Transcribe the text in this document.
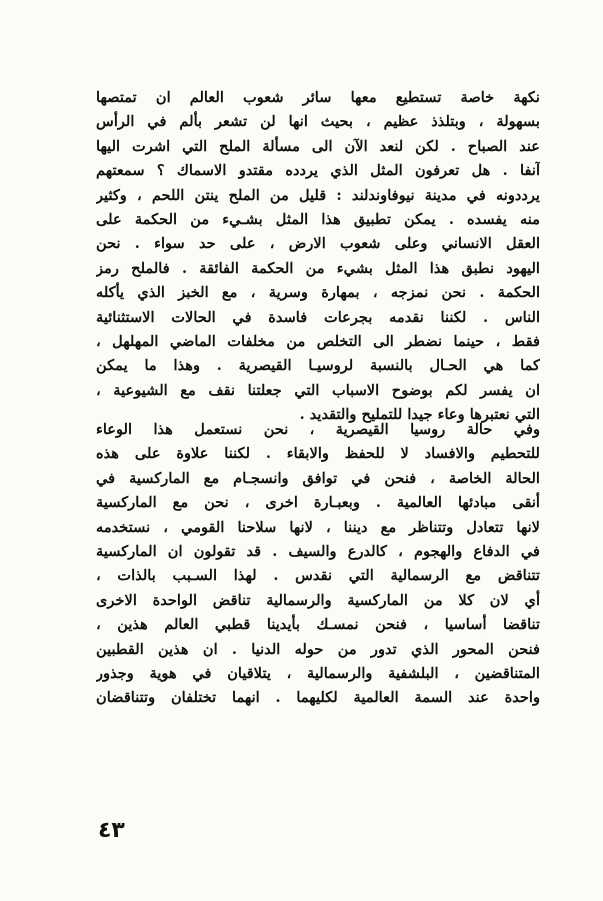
نكهة خاصة تستطيع معها سائر شعوب العالم ان تمتصها
بسهولة ، وبتلذذ عظيم ، بحيث انها لن تشعر بألم في الرأس
عند الصباح . لكن لنعد الآن الى مسألة الملح التي اشرت اليها
آنفا . هل تعرفون المثل الذي يردده مقتدو الاسماك ؟ سمعتهم
يرددونه في مدينة نيوفاوندلند : قليل من الملح ينتن اللحم ، وكثير
منه يفسده . يمكن تطبيق هذا المثل بشـيء من الحكمة على
العقل الانساني وعلى شعوب الارض ، على حد سواء . نحن
اليهود نطبق هذا المثل بشيء من الحكمة الفائقة . فالملح رمز
الحكمة . نحن نمزجه ، بمهارة وسرية ، مع الخبز الذي يأكله
الناس . لكننا نقدمه بجرعات فاسدة في الحالات الاستثنائية
فقط ، حينما نضطر الى التخلص من مخلفات الماضي المهلهل ،
كما هي الحـال بالنسبة لروسيـا القيصرية . وهذا ما يمكن
ان يفسر لكم بوضوح الاسباب التي جعلتنا نقف مع الشيوعية ،
التي نعتبرها وعاء جيدا للتمليح والتقديد .
وفي حالة روسيا القيصرية ، نحن نستعمل هذا الوعاء
للتحطيم والافساد لا للحفظ والابقاء . لكننا علاوة على هذه
الحالة الخاصة ، فنحن في توافق وانسجـام مع الماركسية في
أنقى مبادئها العالمية . وبعبـارة اخرى ، نحن مع الماركسية
لانها تتعادل وتتناظر مع ديننا ، لانها سلاحنا القومي ، نستخدمه
في الدفاع والهجوم ، كالدرع والسيف . قد تقولون ان الماركسية
تتناقض مع الرسمالية التي نقدس . لهذا السـبب بالذات ،
أي لان كلا من الماركسية والرسمالية تناقض الواحدة الاخرى
تناقضا أساسيا ، فنحن نمسـك بأيدينا قطبي العالم هذين ،
فنحن المحور الذي تدور من حوله الدنيا . ان هذين القطبين
المتناقضين ، البلشفية والرسمالية ، يتلاقيان في هوية وجذور
واحدة عند السمة العالمية لكليهما . انهما تختلفان وتتناقضان
٤٣
